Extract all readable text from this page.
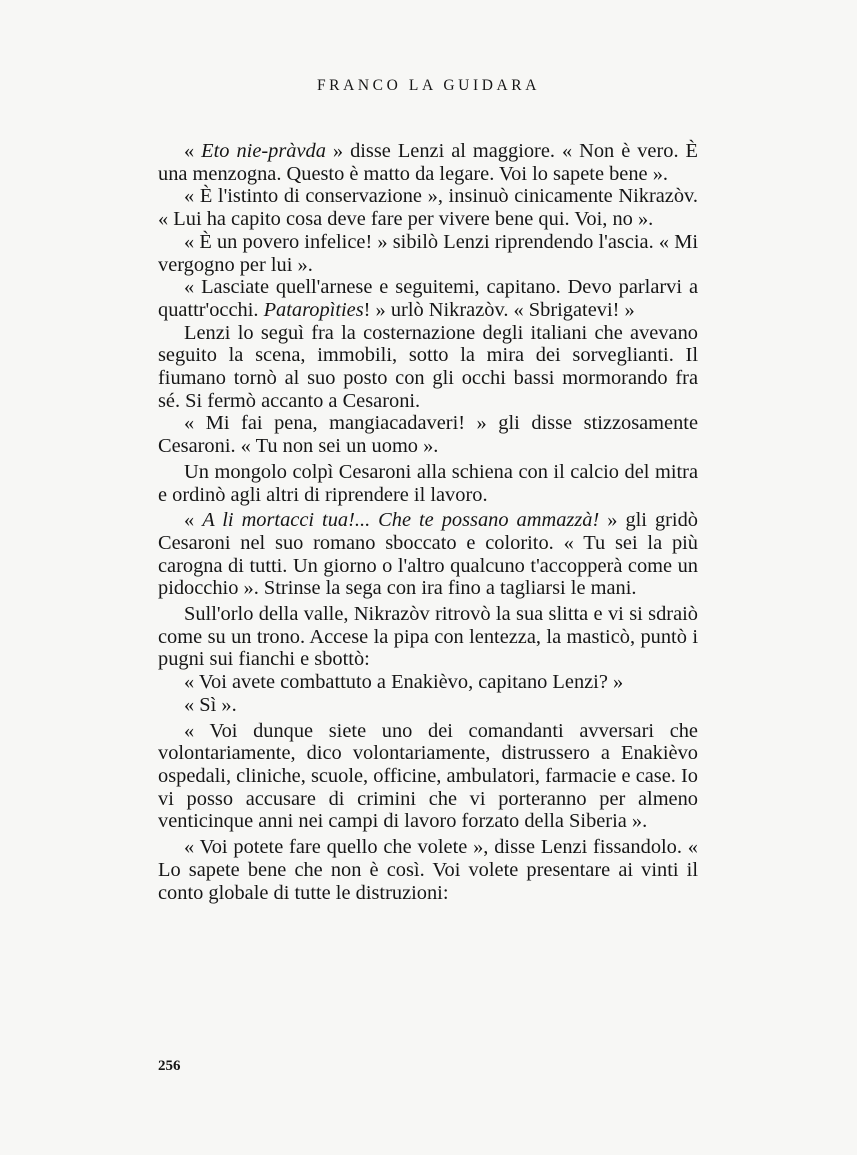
FRANCO LA GUIDARA

« Eto nie-pràvda » disse Lenzi al maggiore. « Non è vero. È una menzogna. Questo è matto da legare. Voi lo sapete bene ».

« È l'istinto di conservazione », insinuò cinicamente Nikrazòv. « Lui ha capito cosa deve fare per vivere bene qui. Voi, no ».

« È un povero infelice! » sibilò Lenzi riprendendo l'ascia. « Mi vergogno per lui ».

« Lasciate quell'arnese e seguitemi, capitano. Devo parlarvi a quattr'occhi. Pataropìties! » urlò Nikrazòv. « Sbrigatevi! »

Lenzi lo seguì fra la costernazione degli italiani che avevano seguito la scena, immobili, sotto la mira dei sorveglianti. Il fiumano tornò al suo posto con gli occhi bassi mormorando fra sé. Si fermò accanto a Cesaroni.

« Mi fai pena, mangiacadaveri! » gli disse stizzosamente Cesaroni. « Tu non sei un uomo ».

Un mongolo colpì Cesaroni alla schiena con il calcio del mitra e ordinò agli altri di riprendere il lavoro.

« A li mortacci tua!... Che te possano ammazzà! » gli gridò Cesaroni nel suo romano sboccato e colorito. « Tu sei la più carogna di tutti. Un giorno o l'altro qualcuno t'accopperà come un pidocchio ». Strinse la sega con ira fino a tagliarsi le mani.

Sull'orlo della valle, Nikrazòv ritrovò la sua slitta e vi si sdraiò come su un trono. Accese la pipa con lentezza, la masticò, puntò i pugni sui fianchi e sbottò:

« Voi avete combattuto a Enakièvo, capitano Lenzi? »

« Sì ».

« Voi dunque siete uno dei comandanti avversari che volontariamente, dico volontariamente, distrussero a Enakièvo ospedali, cliniche, scuole, officine, ambulatori, farmacie e case. Io vi posso accusare di crimini che vi porteranno per almeno venticinque anni nei campi di lavoro forzato della Siberia ».

« Voi potete fare quello che volete », disse Lenzi fissandolo. « Lo sapete bene che non è così. Voi volete presentare ai vinti il conto globale di tutte le distruzioni:

256
